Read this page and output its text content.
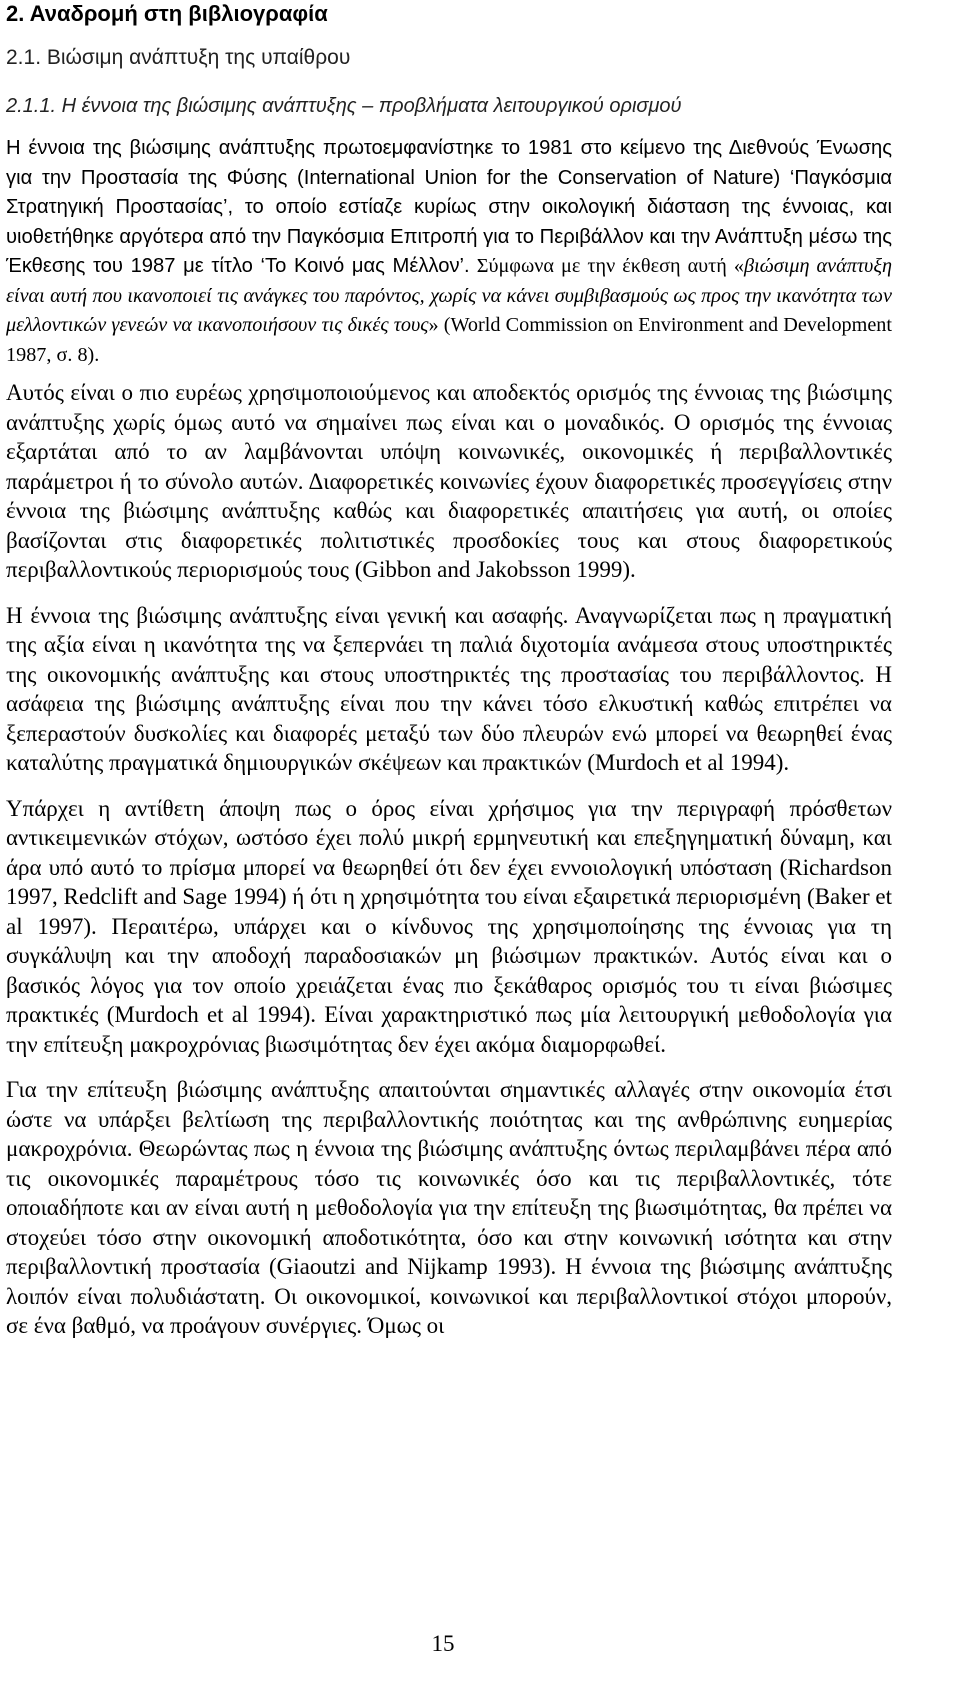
2. Αναδρομή στη βιβλιογραφία
2.1. Βιώσιμη ανάπτυξη της υπαίθρου
2.1.1. Η έννοια της βιώσιμης ανάπτυξης – προβλήματα λειτουργικού ορισμού

Η έννοια της βιώσιμης ανάπτυξης πρωτοεμφανίστηκε το 1981 στο κείμενο της Διεθνούς Ένωσης για την Προστασία της Φύσης (International Union for the Conservation of Nature) ‘Παγκόσμια Στρατηγική Προστασίας’, το οποίο εστίαζε κυρίως στην οικολογική διάσταση της έννοιας, και υιοθετήθηκε αργότερα από την Παγκόσμια Επιτροπή για το Περιβάλλον και την Ανάπτυξη μέσω της Έκθεσης του 1987 με τίτλο ‘Το Κοινό μας Μέλλον’. Σύμφωνα με την έκθεση αυτή «βιώσιμη ανάπτυξη είναι αυτή που ικανοποιεί τις ανάγκες του παρόντος, χωρίς να κάνει συμβιβασμούς ως προς την ικανότητα των μελλοντικών γενεών να ικανοποιήσουν τις δικές τους» (World Commission on Environment and Development 1987, σ. 8).

Αυτός είναι ο πιο ευρέως χρησιμοποιούμενος και αποδεκτός ορισμός της έννοιας της βιώσιμης ανάπτυξης χωρίς όμως αυτό να σημαίνει πως είναι και ο μοναδικός. Ο ορισμός της έννοιας εξαρτάται από το αν λαμβάνονται υπόψη κοινωνικές, οικονομικές ή περιβαλλοντικές παράμετροι ή το σύνολο αυτών. Διαφορετικές κοινωνίες έχουν διαφορετικές προσεγγίσεις στην έννοια της βιώσιμης ανάπτυξης καθώς και διαφορετικές απαιτήσεις για αυτή, οι οποίες βασίζονται στις διαφορετικές πολιτιστικές προσδοκίες τους και στους διαφορετικούς περιβαλλοντικούς περιορισμούς τους (Gibbon and Jakobsson 1999).

Η έννοια της βιώσιμης ανάπτυξης είναι γενική και ασαφής. Αναγνωρίζεται πως η πραγματική της αξία είναι η ικανότητα της να ξεπερνάει τη παλιά διχοτομία ανάμεσα στους υποστηρικτές της οικονομικής ανάπτυξης και στους υποστηρικτές της προστασίας του περιβάλλοντος. Η ασάφεια της βιώσιμης ανάπτυξης είναι που την κάνει τόσο ελκυστική καθώς επιτρέπει να ξεπεραστούν δυσκολίες και διαφορές μεταξύ των δύο πλευρών ενώ μπορεί να θεωρηθεί ένας καταλύτης πραγματικά δημιουργικών σκέψεων και πρακτικών (Murdoch et al 1994).

Υπάρχει η αντίθετη άποψη πως ο όρος είναι χρήσιμος για την περιγραφή πρόσθετων αντικειμενικών στόχων, ωστόσο έχει πολύ μικρή ερμηνευτική και επεξηγηματική δύναμη, και άρα υπό αυτό το πρίσμα μπορεί να θεωρηθεί ότι δεν έχει εννοιολογική υπόσταση (Richardson 1997, Redclift and Sage 1994) ή ότι η χρησιμότητα του είναι εξαιρετικά περιορισμένη (Baker et al 1997). Περαιτέρω, υπάρχει και ο κίνδυνος της χρησιμοποίησης της έννοιας για τη συγκάλυψη και την αποδοχή παραδοσιακών μη βιώσιμων πρακτικών. Αυτός είναι και ο βασικός λόγος για τον οποίο χρειάζεται ένας πιο ξεκάθαρος ορισμός του τι είναι βιώσιμες πρακτικές (Murdoch et al 1994). Είναι χαρακτηριστικό πως μία λειτουργική μεθοδολογία για την επίτευξη μακροχρόνιας βιωσιμότητας δεν έχει ακόμα διαμορφωθεί.

Για την επίτευξη βιώσιμης ανάπτυξης απαιτούνται σημαντικές αλλαγές στην οικονομία έτσι ώστε να υπάρξει βελτίωση της περιβαλλοντικής ποιότητας και της ανθρώπινης ευημερίας μακροχρόνια. Θεωρώντας πως η έννοια της βιώσιμης ανάπτυξης όντως περιλαμβάνει πέρα από τις οικονομικές παραμέτρους τόσο τις κοινωνικές όσο και τις περιβαλλοντικές, τότε οποιαδήποτε και αν είναι αυτή η μεθοδολογία για την επίτευξη της βιωσιμότητας, θα πρέπει να στοχεύει τόσο στην οικονομική αποδοτικότητα, όσο και στην κοινωνική ισότητα και στην περιβαλλοντική προστασία (Giaoutzi and Nijkamp 1993). Η έννοια της βιώσιμης ανάπτυξης λοιπόν είναι πολυδιάστατη. Οι οικονομικοί, κοινωνικοί και περιβαλλοντικοί στόχοι μπορούν, σε ένα βαθμό, να προάγουν συνέργιες. Όμως οι

15
